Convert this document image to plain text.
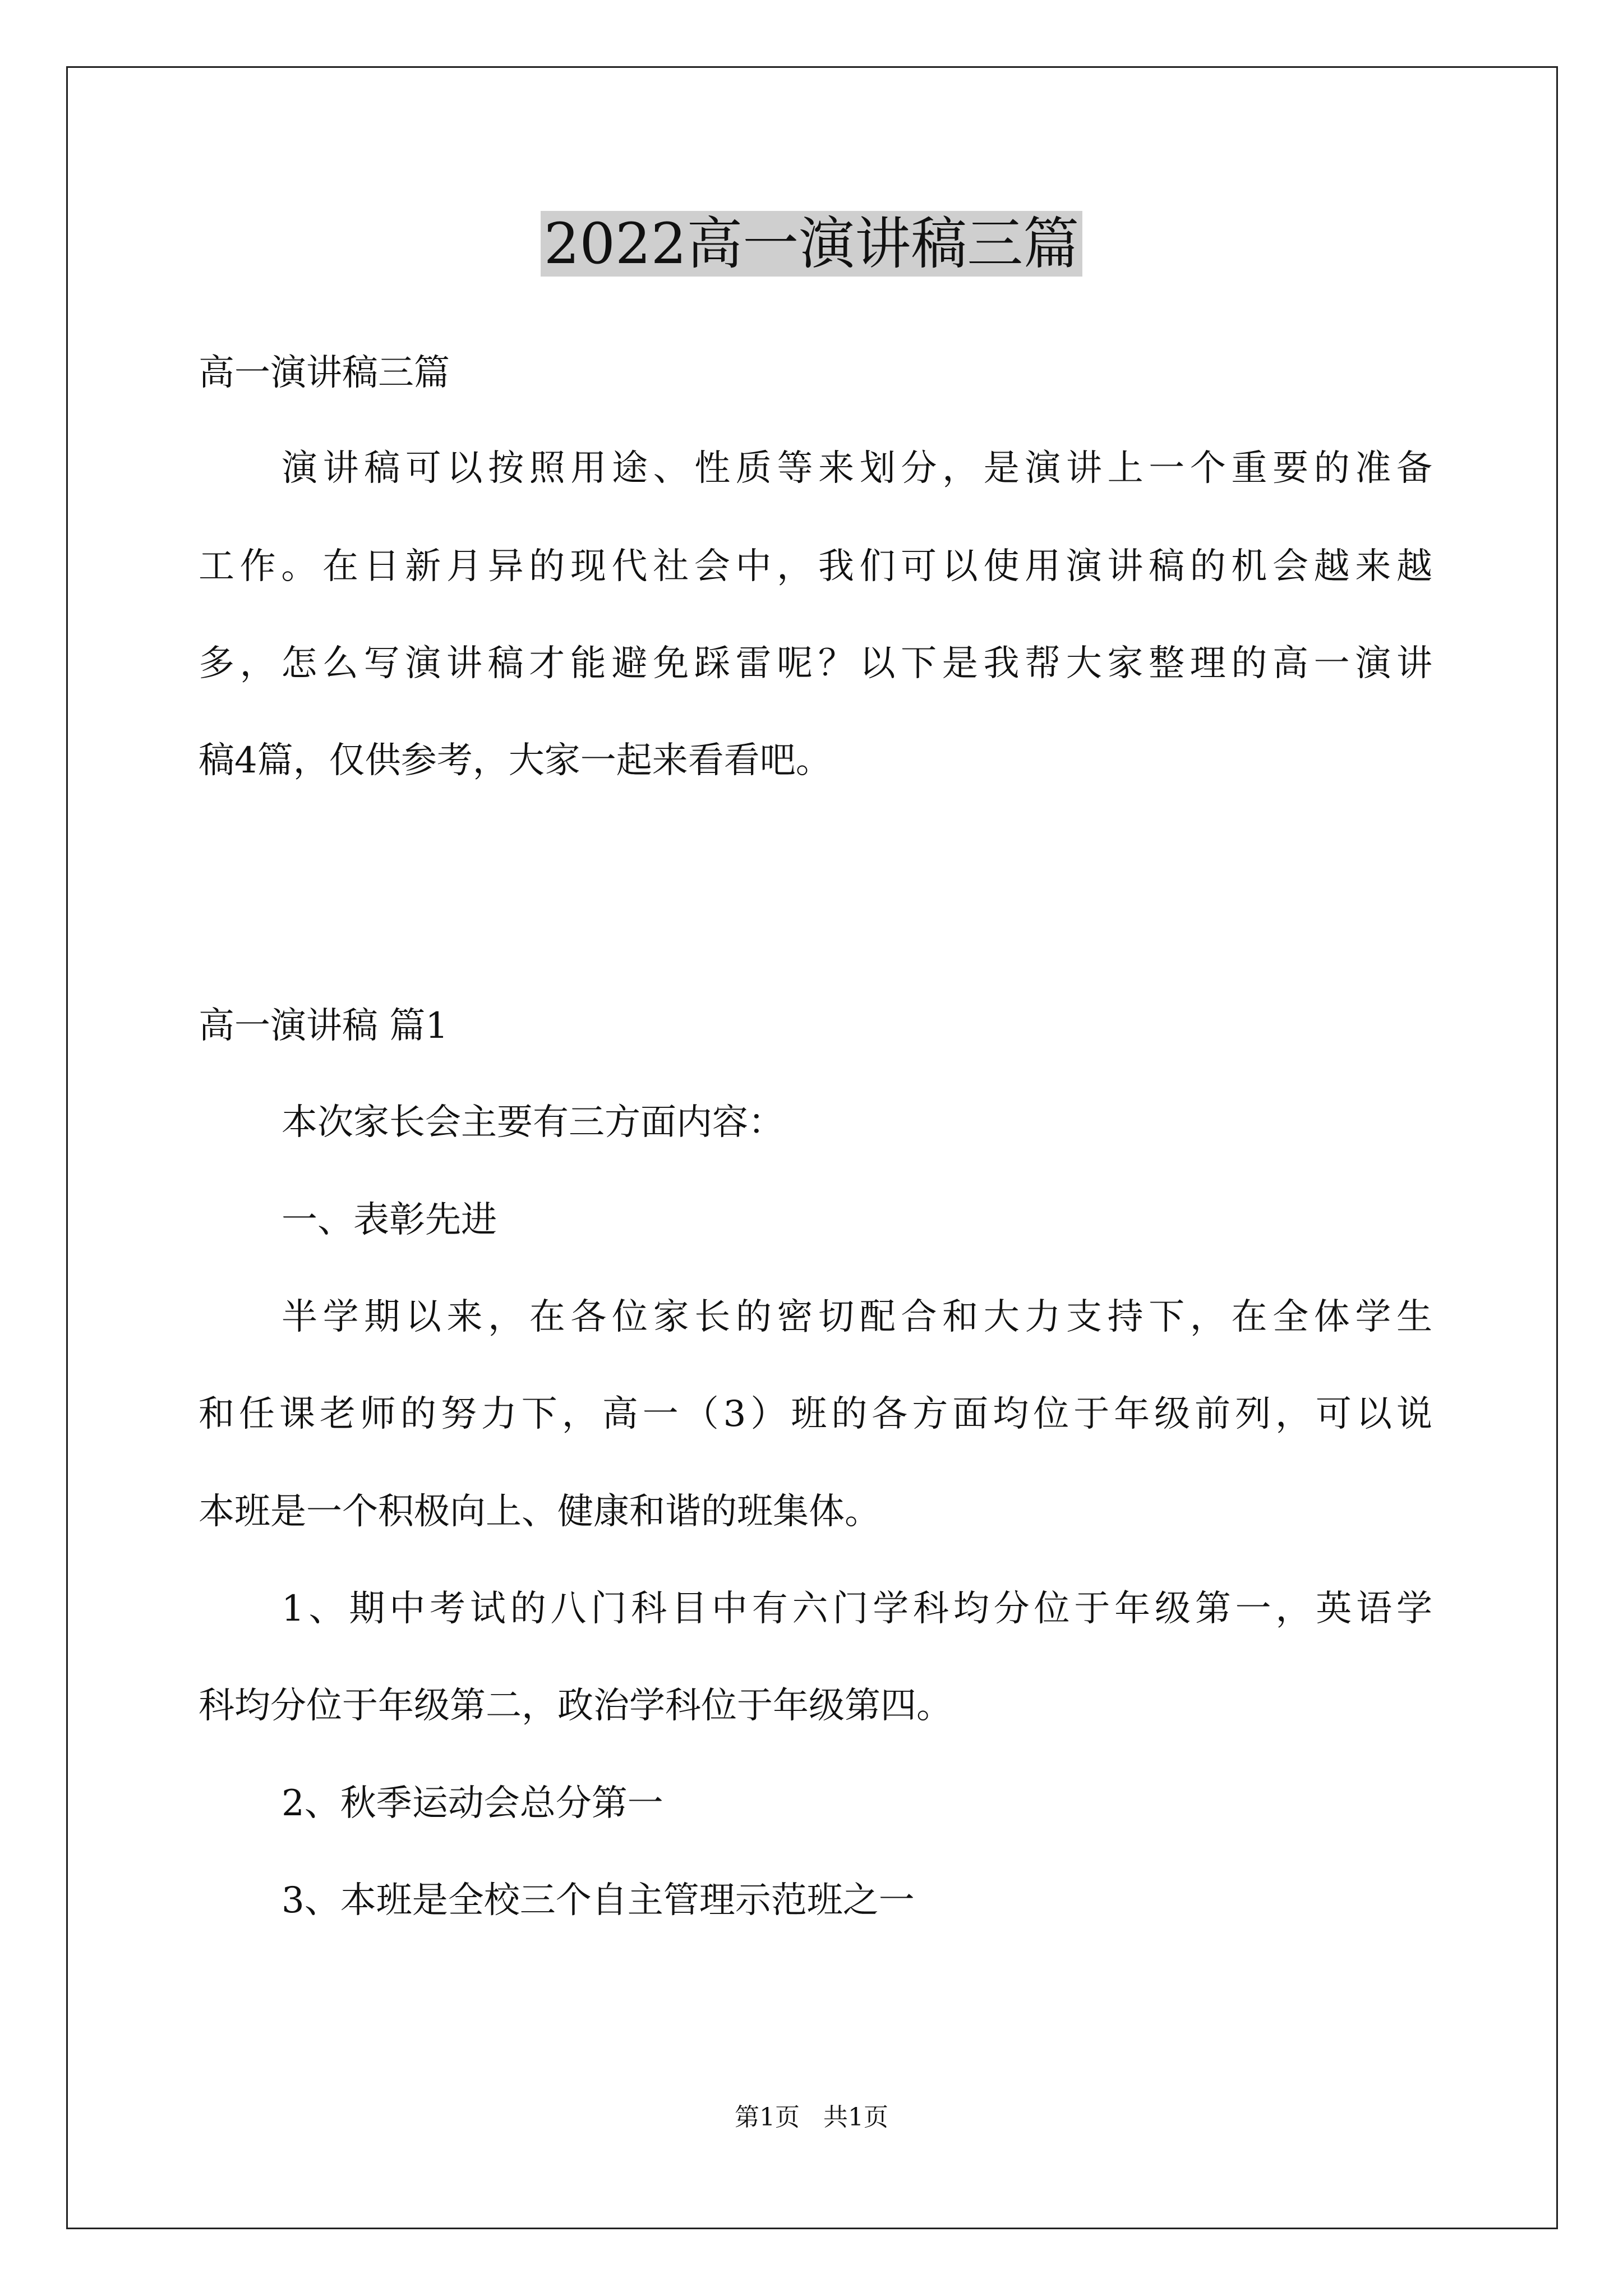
2022高一演讲稿三篇
高一演讲稿三篇
演讲稿可以按照用途、性质等来划分，是演讲上一个重要的准备
工作。在日新月异的现代社会中，我们可以使用演讲稿的机会越来越
多，怎么写演讲稿才能避免踩雷呢？以下是我帮大家整理的高一演讲
稿4篇，仅供参考，大家一起来看看吧。
高一演讲稿 篇1
本次家长会主要有三方面内容：
一、表彰先进
半学期以来，在各位家长的密切配合和大力支持下，在全体学生
和任课老师的努力下，高一（3）班的各方面均位于年级前列，可以说
本班是一个积极向上、健康和谐的班集体。
1、期中考试的八门科目中有六门学科均分位于年级第一，英语学
科均分位于年级第二，政治学科位于年级第四。
2、秋季运动会总分第一
3、本班是全校三个自主管理示范班之一
第1页   共1页
